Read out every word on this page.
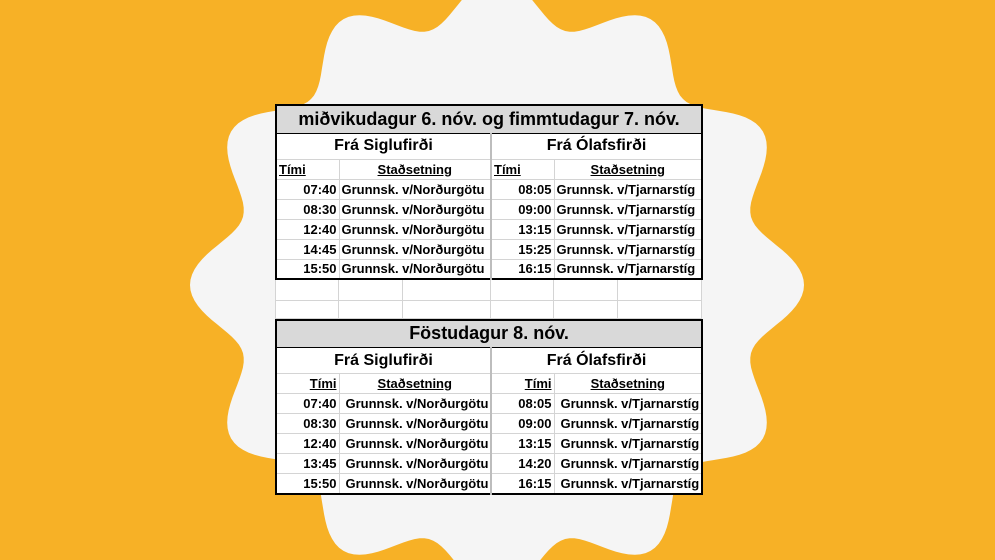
miðvikudagur 6. nóv. og fimmtudagur 7. nóv.			
Frá Siglufirði		Frá Ólafsfirði	
Tími	Staðsetning	Tími	Staðsetning
07:40	Grunnsk. v/Norðurgötu	08:05	Grunnsk. v/Tjarnarstíg
08:30	Grunnsk. v/Norðurgötu	09:00	Grunnsk. v/Tjarnarstíg
12:40	Grunnsk. v/Norðurgötu	13:15	Grunnsk. v/Tjarnarstíg
14:45	Grunnsk. v/Norðurgötu	15:25	Grunnsk. v/Tjarnarstíg
15:50	Grunnsk. v/Norðurgötu	16:15	Grunnsk. v/Tjarnarstíg

Föstudagur 8. nóv.			
Frá Siglufirði		Frá Ólafsfirði	
Tími	Staðsetning	Tími	Staðsetning
07:40	Grunnsk. v/Norðurgötu	08:05	Grunnsk. v/Tjarnarstíg
08:30	Grunnsk. v/Norðurgötu	09:00	Grunnsk. v/Tjarnarstíg
12:40	Grunnsk. v/Norðurgötu	13:15	Grunnsk. v/Tjarnarstíg
13:45	Grunnsk. v/Norðurgötu	14:20	Grunnsk. v/Tjarnarstíg
15:50	Grunnsk. v/Norðurgötu	16:15	Grunnsk. v/Tjarnarstíg
